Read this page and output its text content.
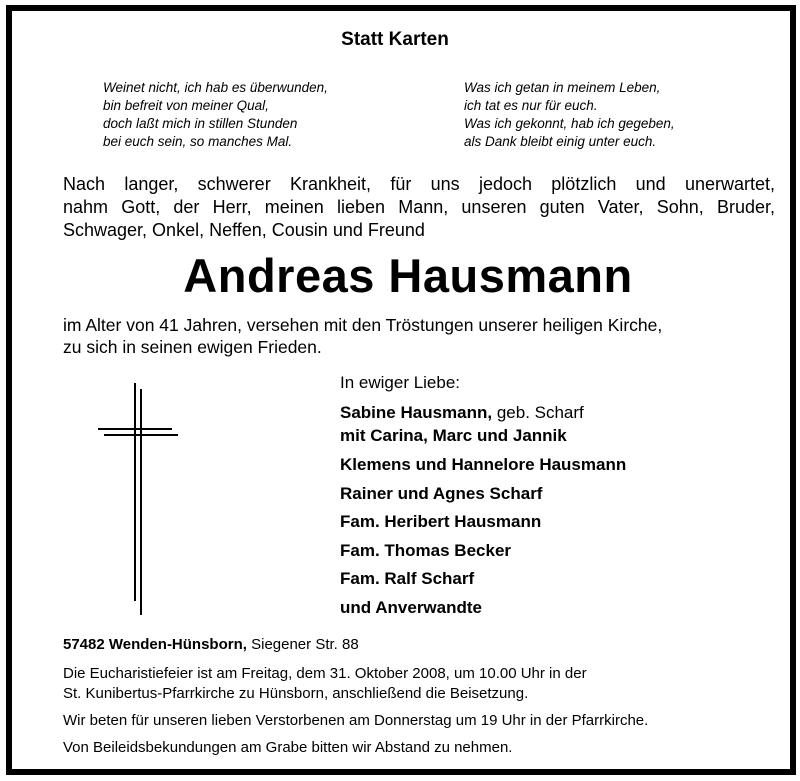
Statt Karten
Weinet nicht, ich hab es überwunden,
bin befreit von meiner Qual,
doch laßt mich in stillen Stunden
bei euch sein, so manches Mal.
Was ich getan in meinem Leben,
ich tat es nur für euch.
Was ich gekonnt, hab ich gegeben,
als Dank bleibt einig unter euch.
Nach langer, schwerer Krankheit, für uns jedoch plötzlich und unerwartet,
nahm Gott, der Herr, meinen lieben Mann, unseren guten Vater, Sohn, Bruder,
Schwager, Onkel, Neffen, Cousin und Freund
Andreas Hausmann
im Alter von 41 Jahren, versehen mit den Tröstungen unserer heiligen Kirche,
zu sich in seinen ewigen Frieden.
In ewiger Liebe:
Sabine Hausmann, geb. Scharf
mit Carina, Marc und Jannik
Klemens und Hannelore Hausmann
Rainer und Agnes Scharf
Fam. Heribert Hausmann
Fam. Thomas Becker
Fam. Ralf Scharf
und Anverwandte
57482 Wenden-Hünsborn, Siegener Str. 88
Die Eucharistiefeier ist am Freitag, dem 31. Oktober 2008, um 10.00 Uhr in der
St. Kunibertus-Pfarrkirche zu Hünsborn, anschließend die Beisetzung.
Wir beten für unseren lieben Verstorbenen am Donnerstag um 19 Uhr in der Pfarrkirche.
Von Beileidsbekundungen am Grabe bitten wir Abstand zu nehmen.
